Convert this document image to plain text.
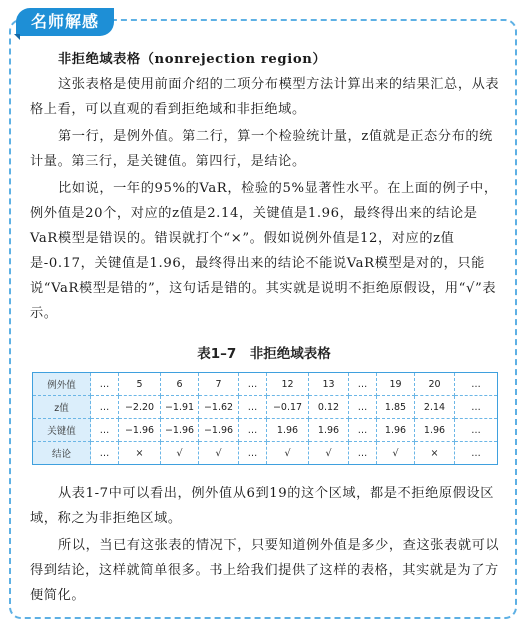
名师解感

非拒绝域表格（nonrejection region）

这张表格是使用前面介绍的二项分布模型方法计算出来的结果汇总，从表格上看，可以直观的看到拒绝域和非拒绝域。

第一行，是例外值。第二行，算一个检验统计量，z值就是正态分布的统计量。第三行，是关键值。第四行，是结论。

比如说，一年的95%的VaR，检验的5%显著性水平。在上面的例子中，例外值是20个，对应的z值是2.14，关键值是1.96，最终得出来的结论是VaR模型是错误的。错误就打个“×”。假如说例外值是12，对应的z值是-0.17，关键值是1.96，最终得出来的结论不能说VaR模型是对的，只能说“VaR模型是错的”，这句话是错的。其实就是说明不拒绝原假设，用“√”表示。

表1–7　非拒绝域表格
例外值	…	5	6	7	…	12	13	…	19	20	…
z值	…	−2.20	−1.91	−1.62	…	−0.17	0.12	…	1.85	2.14	…
关键值	…	−1.96	−1.96	−1.96	…	1.96	1.96	…	1.96	1.96	…
结论	…	×	√	√	…	√	√	…	√	×	…

从表1-7中可以看出，例外值从6到19的这个区域，都是不拒绝原假设区域，称之为非拒绝区域。

所以，当已有这张表的情况下，只要知道例外值是多少，查这张表就可以得到结论，这样就简单很多。书上给我们提供了这样的表格，其实就是为了方便简化。
